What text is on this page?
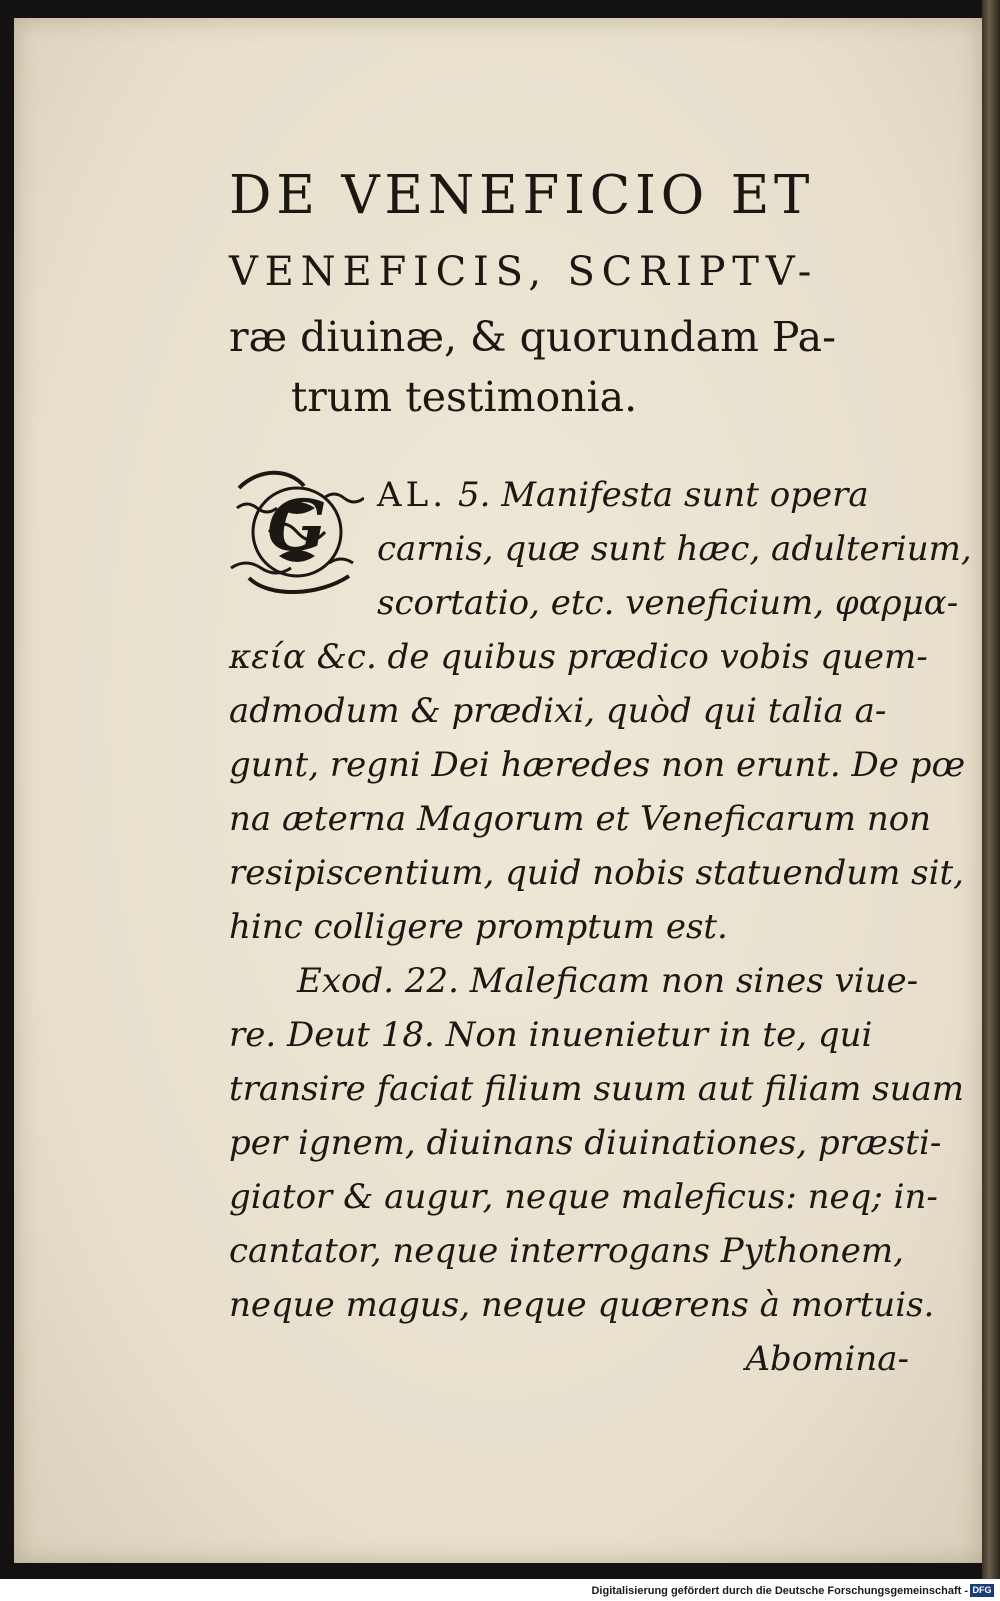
DE VENEFICIO ET

VENEFICIS, SCRIPTV-

ræ diuinæ, & quorundam Pa-

trum testimonia.

G	AL. 5. Manifesta sunt opera
carnis, quæ sunt hæc, adulterium,
scortatio, etc. veneficium, φαρμα-
κεία &c. de quibus prædico vobis quem-
admodum & prædixi, quòd qui talia a-
gunt, regni Dei hæredes non erunt. De pœ
na æterna Magorum et Veneficarum non
resipiscentium, quid nobis statuendum sit,
hinc colligere promptum est.
Exod. 22. Maleficam non sines viue-
re. Deut 18. Non inuenietur in te, qui
transire faciat filium suum aut filiam suam
per ignem, diuinans diuinationes, præsti-
giator & augur, neque maleficus: neq; in-
cantator, neque interrogans Pythonem,
neque magus, neque quærens à mortuis.
Abomina-
Digitalisierung gefördert durch die Deutsche Forschungsgemeinschaft - DFG
